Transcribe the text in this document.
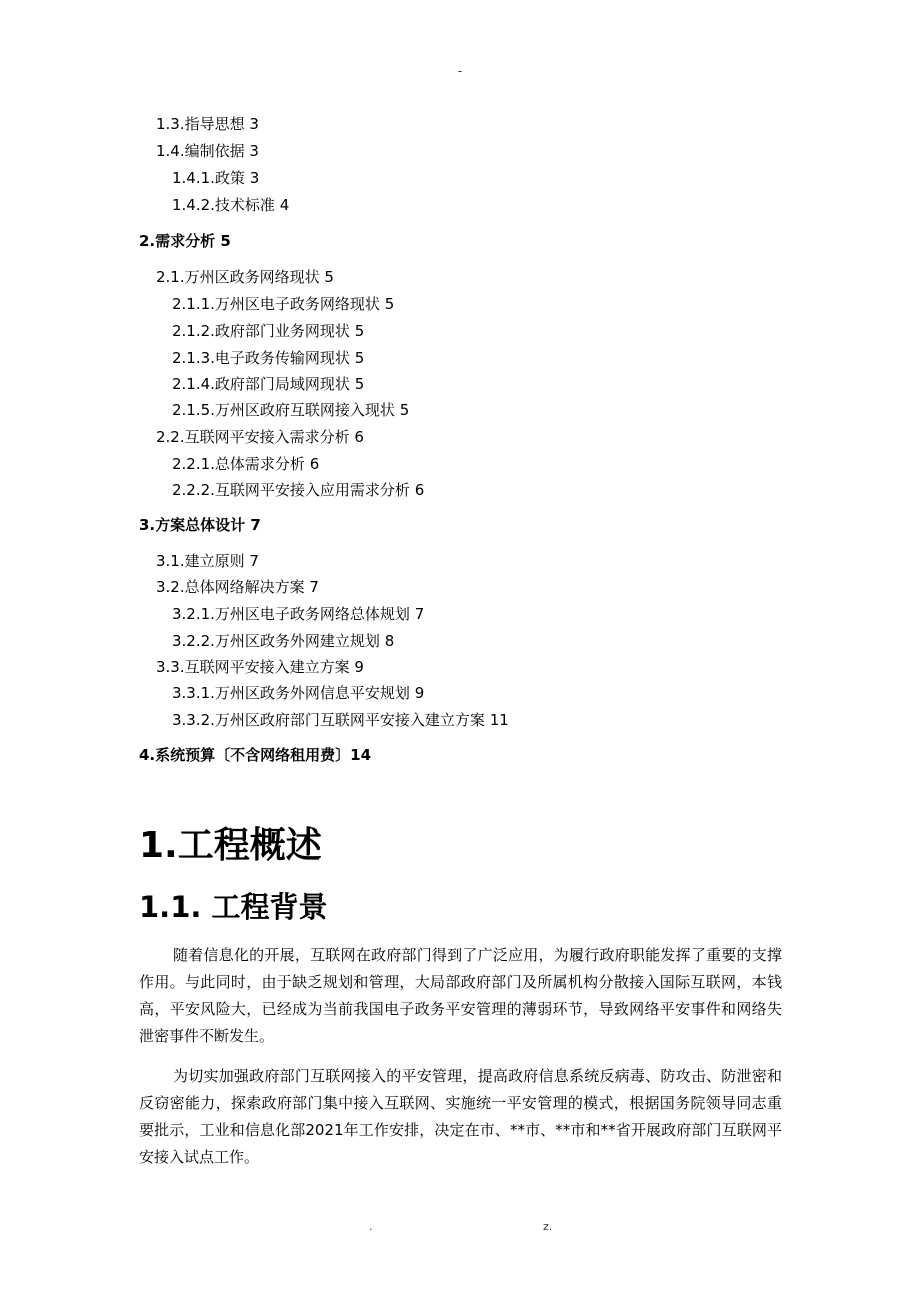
-
1.3.指导思想 3
1.4.编制依据 3
1.4.1.政策 3
1.4.2.技术标准 4
2.需求分析 5
2.1.万州区政务网络现状 5
2.1.1.万州区电子政务网络现状 5
2.1.2.政府部门业务网现状 5
2.1.3.电子政务传输网现状 5
2.1.4.政府部门局域网现状 5
2.1.5.万州区政府互联网接入现状 5
2.2.互联网平安接入需求分析 6
2.2.1.总体需求分析 6
2.2.2.互联网平安接入应用需求分析 6
3.方案总体设计 7
3.1.建立原则 7
3.2.总体网络解决方案 7
3.2.1.万州区电子政务网络总体规划 7
3.2.2.万州区政务外网建立规划 8
3.3.互联网平安接入建立方案 9
3.3.1.万州区政务外网信息平安规划 9
3.3.2.万州区政府部门互联网平安接入建立方案 11
4.系统预算〔不含网络租用费〕14
1.工程概述
1.1. 工程背景

随着信息化的开展，互联网在政府部门得到了广泛应用，为履行政府职能发挥了重要的支撑作用。与此同时，由于缺乏规划和管理，大局部政府部门及所属机构分散接入国际互联网，本钱高，平安风险大，已经成为当前我国电子政务平安管理的薄弱环节，导致网络平安事件和网络失泄密事件不断发生。

为切实加强政府部门互联网接入的平安管理，提高政府信息系统反病毒、防攻击、防泄密和反窃密能力，探索政府部门集中接入互联网、实施统一平安管理的模式，根据国务院领导同志重要批示，工业和信息化部2021年工作安排，决定在市、**市、**市和**省开展政府部门互联网平安接入试点工作。

.	z.
